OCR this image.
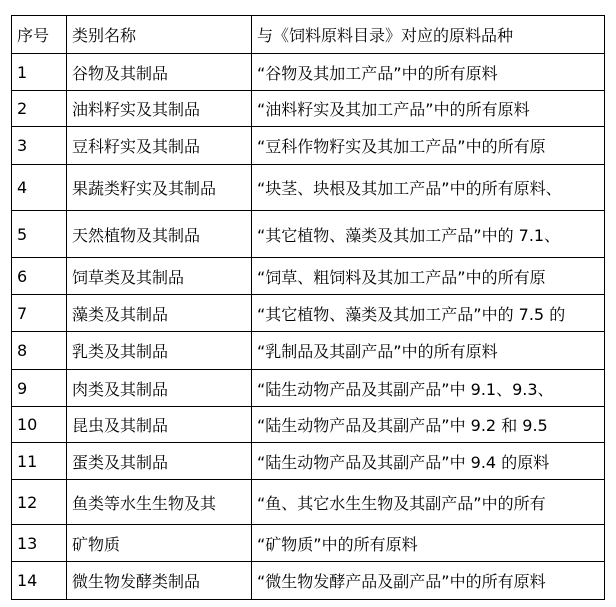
序号	类别名称	与《饲料原料目录》对应的原料品种
1	谷物及其制品	“谷物及其加工产品”中的所有原料
2	油料籽实及其制品	“油料籽实及其加工产品”中的所有原料
3	豆科籽实及其制品	“豆科作物籽实及其加工产品”中的所有原
4	果蔬类籽实及其制品	“块茎、块根及其加工产品”中的所有原料、
5	天然植物及其制品	“其它植物、藻类及其加工产品”中的 7.1、
6	饲草类及其制品	“饲草、粗饲料及其加工产品”中的所有原
7	藻类及其制品	“其它植物、藻类及其加工产品”中的 7.5 的
8	乳类及其制品	“乳制品及其副产品”中的所有原料
9	肉类及其制品	“陆生动物产品及其副产品”中 9.1、9.3、
10	昆虫及其制品	“陆生动物产品及其副产品”中 9.2 和 9.5
11	蛋类及其制品	“陆生动物产品及其副产品”中 9.4 的原料
12	鱼类等水生生物及其	“鱼、其它水生生物及其副产品”中的所有
13	矿物质	“矿物质”中的所有原料
14	微生物发酵类制品	“微生物发酵产品及副产品”中的所有原料
